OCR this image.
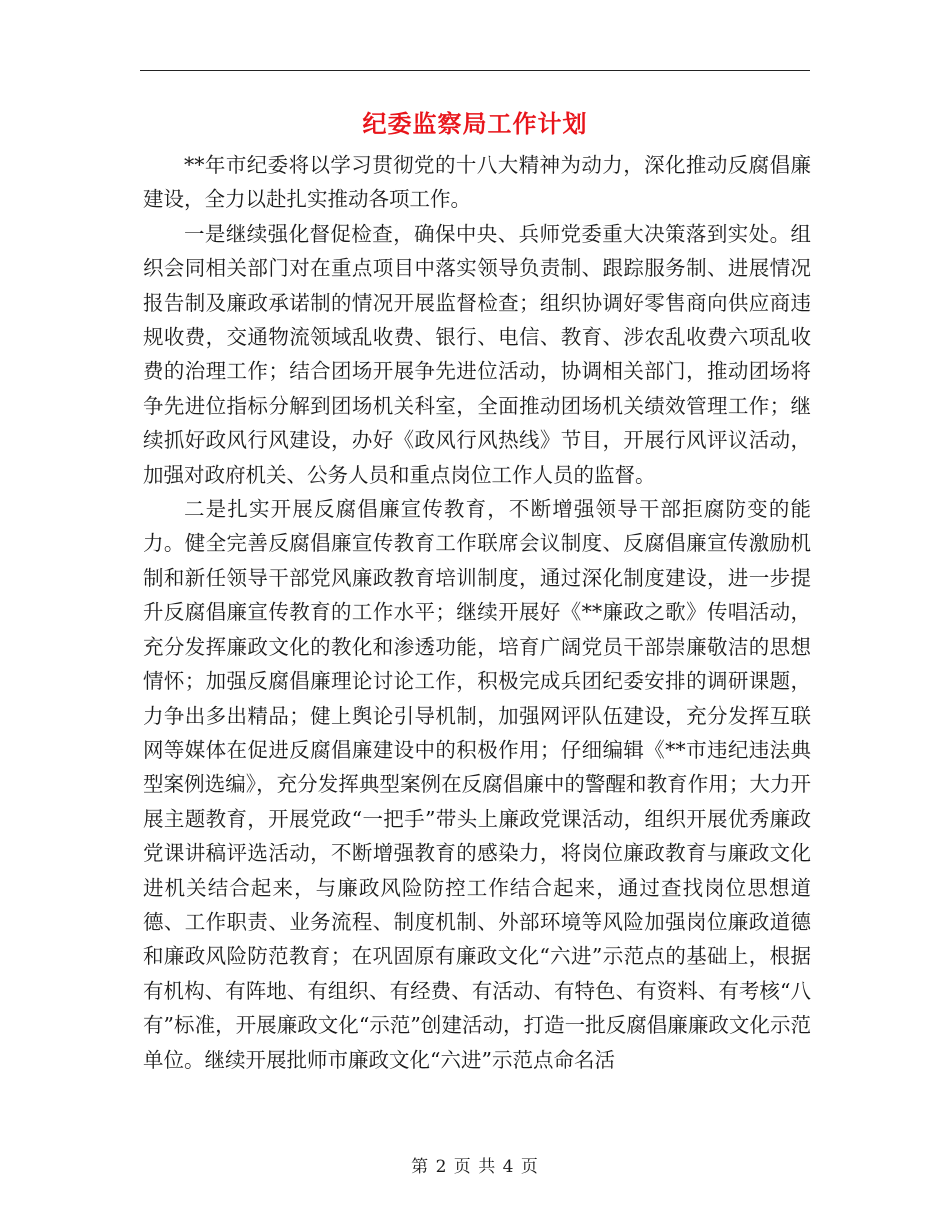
纪委监察局工作计划

**年市纪委将以学习贯彻党的十八大精神为动力，深化推动反腐倡廉建设，全力以赴扎实推动各项工作。

一是继续强化督促检查，确保中央、兵师党委重大决策落到实处。组织会同相关部门对在重点项目中落实领导负责制、跟踪服务制、进展情况报告制及廉政承诺制的情况开展监督检查；组织协调好零售商向供应商违规收费，交通物流领域乱收费、银行、电信、教育、涉农乱收费六项乱收费的治理工作；结合团场开展争先进位活动，协调相关部门，推动团场将争先进位指标分解到团场机关科室，全面推动团场机关绩效管理工作；继续抓好政风行风建设，办好《政风行风热线》节目，开展行风评议活动，加强对政府机关、公务人员和重点岗位工作人员的监督。

二是扎实开展反腐倡廉宣传教育，不断增强领导干部拒腐防变的能力。健全完善反腐倡廉宣传教育工作联席会议制度、反腐倡廉宣传激励机制和新任领导干部党风廉政教育培训制度，通过深化制度建设，进一步提升反腐倡廉宣传教育的工作水平；继续开展好《**廉政之歌》传唱活动，充分发挥廉政文化的教化和渗透功能，培育广阔党员干部崇廉敬洁的思想情怀；加强反腐倡廉理论讨论工作，积极完成兵团纪委安排的调研课题，力争出多出精品；健上舆论引导机制，加强网评队伍建设，充分发挥互联网等媒体在促进反腐倡廉建设中的积极作用；仔细编辑《**市违纪违法典型案例选编》，充分发挥典型案例在反腐倡廉中的警醒和教育作用；大力开展主题教育，开展党政“一把手”带头上廉政党课活动，组织开展优秀廉政党课讲稿评选活动，不断增强教育的感染力，将岗位廉政教育与廉政文化进机关结合起来，与廉政风险防控工作结合起来，通过查找岗位思想道德、工作职责、业务流程、制度机制、外部环境等风险加强岗位廉政道德和廉政风险防范教育；在巩固原有廉政文化“六进”示范点的基础上，根据有机构、有阵地、有组织、有经费、有活动、有特色、有资料、有考核“八有”标准，开展廉政文化“示范”创建活动，打造一批反腐倡廉廉政文化示范单位。继续开展批师市廉政文化“六进”示范点命名活

第 2 页 共 4 页
